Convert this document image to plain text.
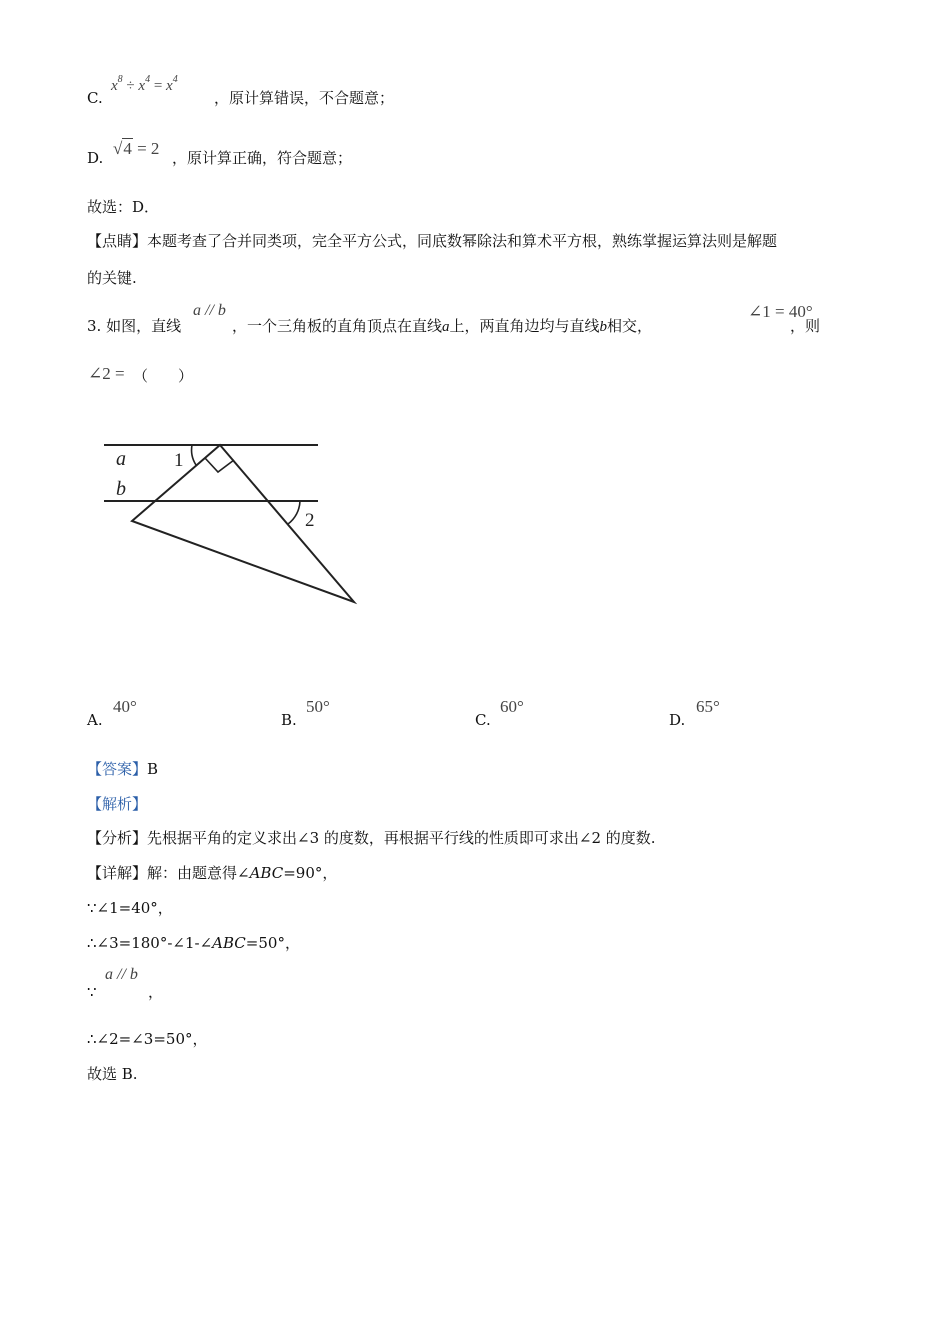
C.
$x^8 \div x^4 = x^4$
，原计算错误，不合题意；
D. √4 = 2 ，原计算正确，符合题意；
故选：D．
【点睛】本题考查了合并同类项，完全平方公式，同底数幂除法和算术平方根，熟练掌握运算法则是解题
的关键.
3. 如图，直线
a // b
，一个三角板的直角顶点在直线a上，两直角边均与直线b相交，
∠1 = 40°
，则
∠2 = （　　）
a
b
1
2
A.
40°
B.
50°
C.
60°
D.
65°
【答案】B
【解析】
【分析】先根据平角的定义求出∠3 的度数，再根据平行线的性质即可求出∠2 的度数.
【详解】解：由题意得∠ABC=90°，
∵∠1=40°，
∴∠3=180°-∠1-∠ABC=50°，
∵
a // b
，
∴∠2=∠3=50°，
故选 B.
